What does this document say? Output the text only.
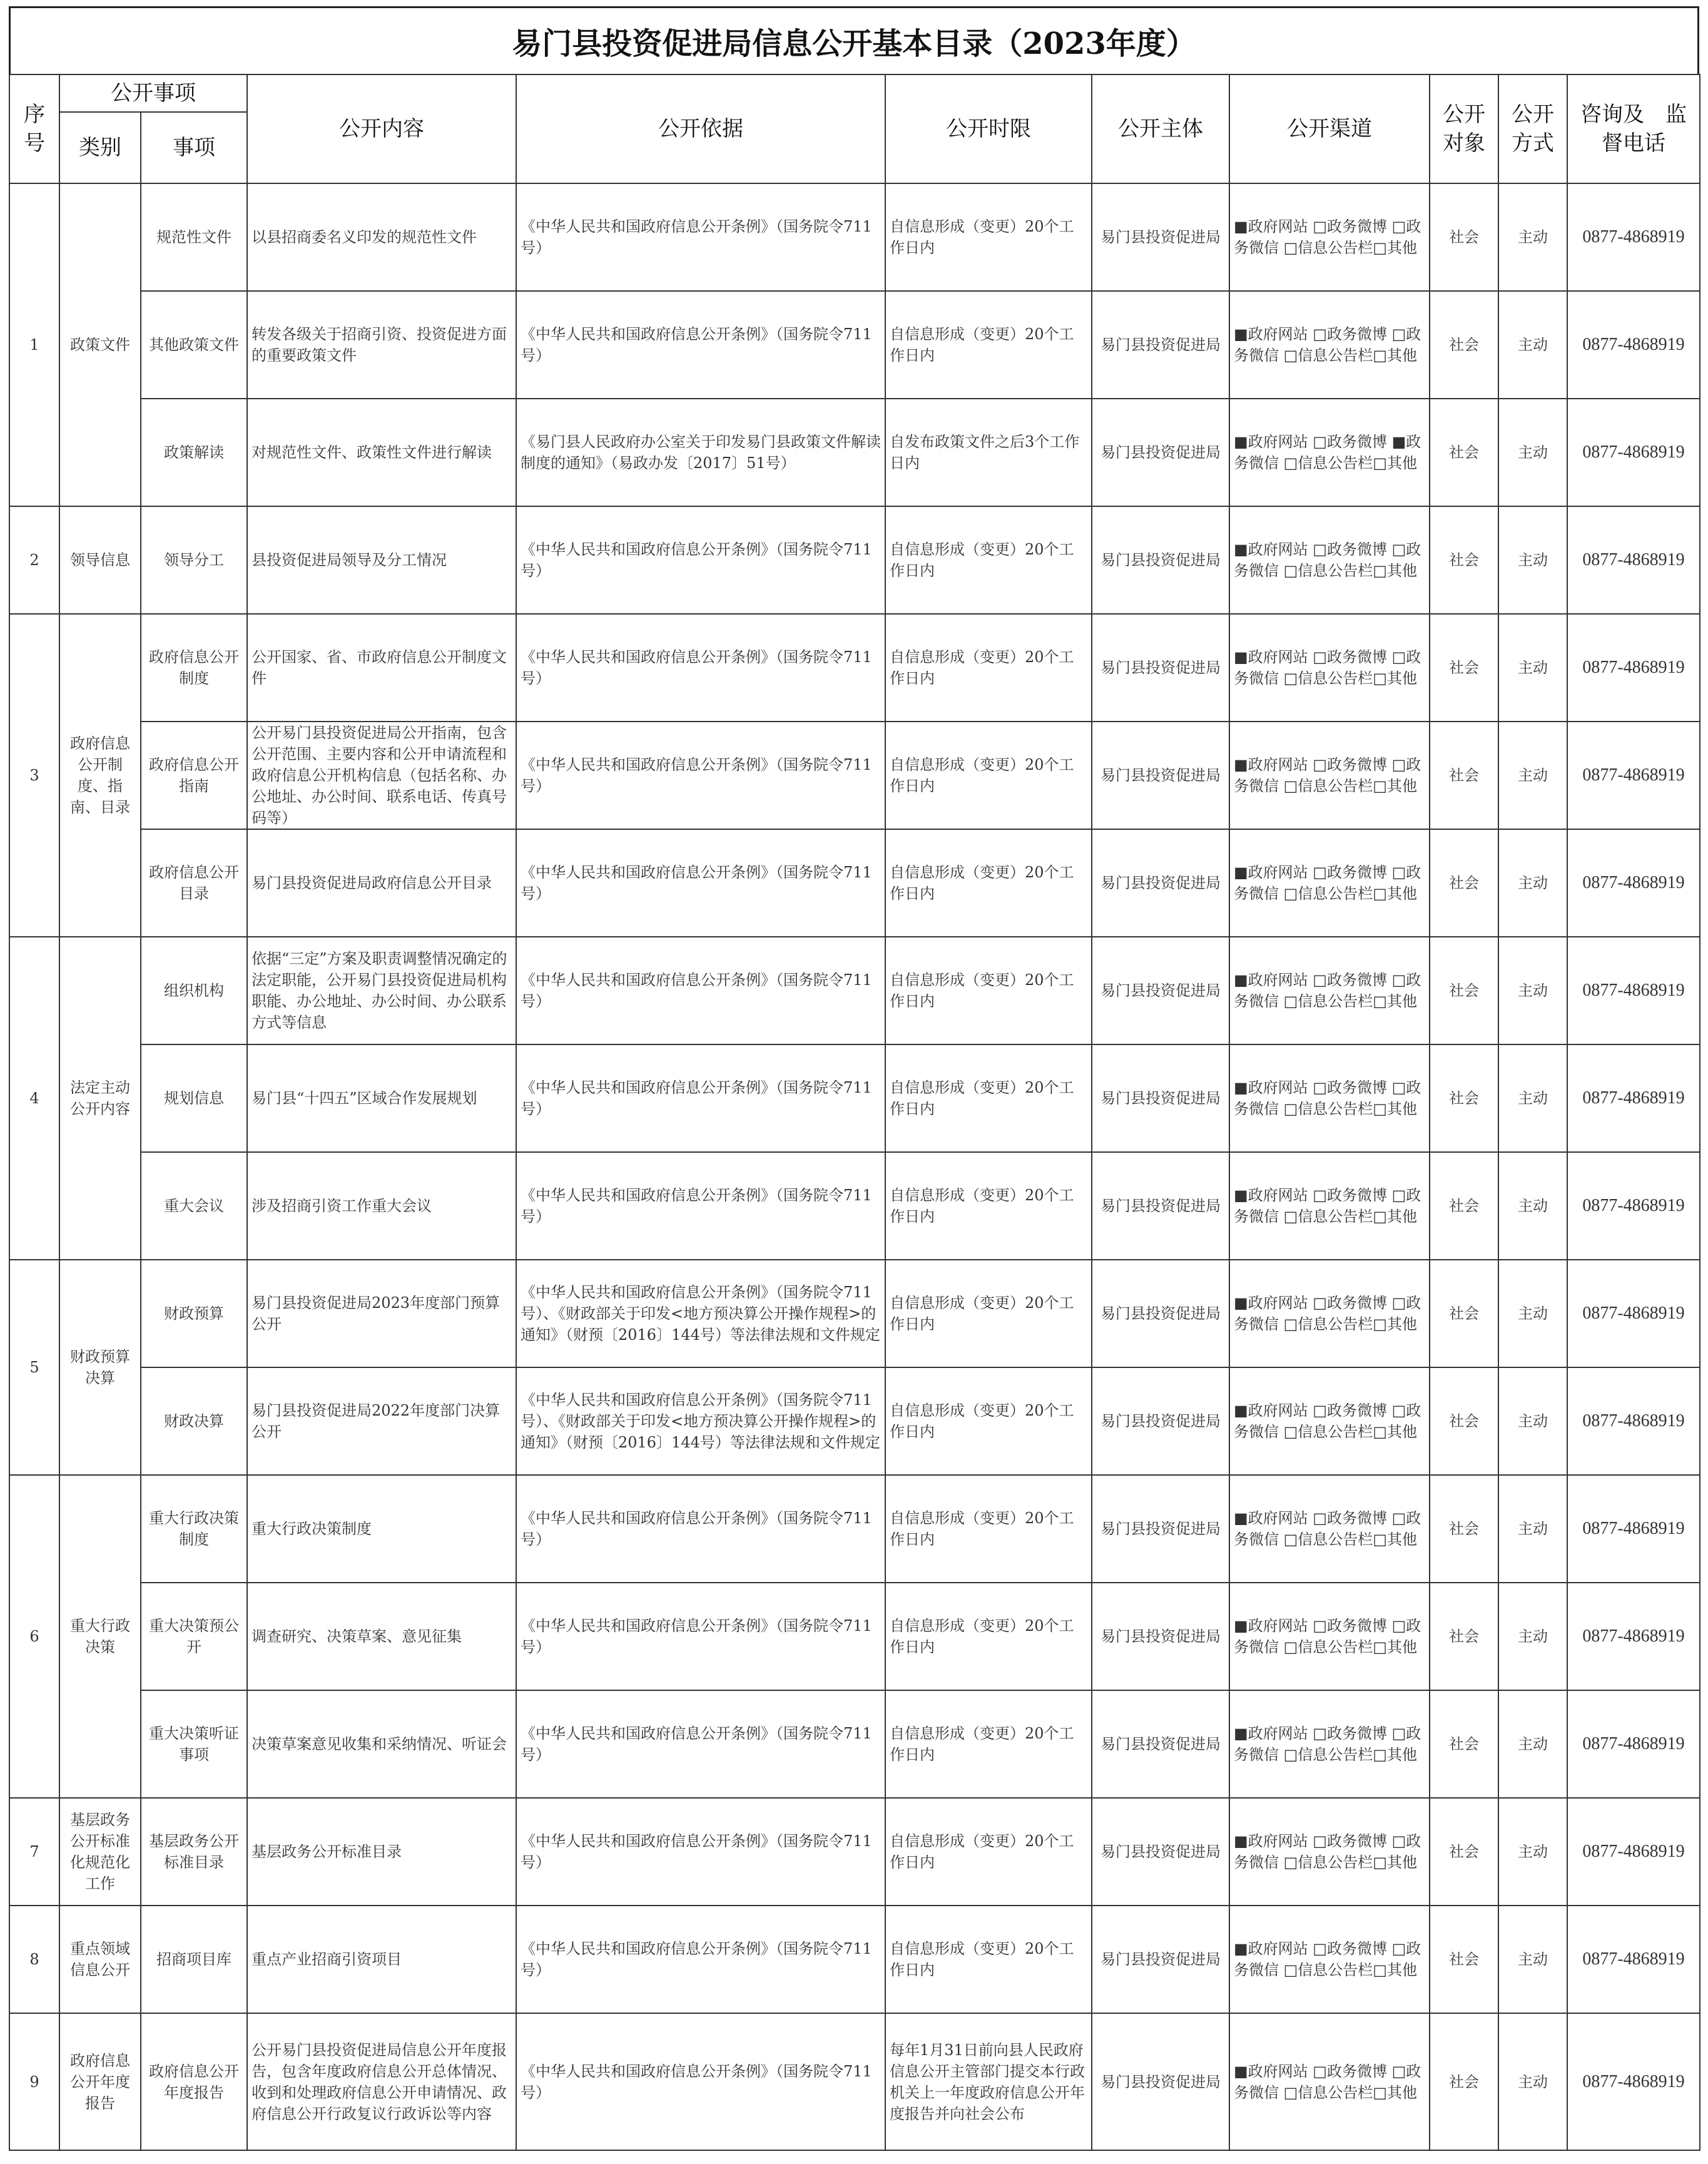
易门县投资促进局信息公开基本目录（2023年度）
序号	公开事项		公开内容	公开依据	公开时限	公开主体	公开渠道	公开对象	公开方式	咨询及　监督电话
	类别	事项								
1	政策文件	规范性文件	以县招商委名义印发的规范性文件	《中华人民共和国政府信息公开条例》（国务院令711号）	自信息形成（变更）20个工作日内	易门县投资促进局	■政府网站 □政务微博 □政
务微信 □信息公告栏□其他	社会	主动	0877-4868919
		其他政策文件	转发各级关于招商引资、投资促进方面的重要政策文件	《中华人民共和国政府信息公开条例》（国务院令711号）	自信息形成（变更）20个工作日内	易门县投资促进局	■政府网站 □政务微博 □政
务微信 □信息公告栏□其他	社会	主动	0877-4868919
		政策解读	对规范性文件、政策性文件进行解读	《易门县人民政府办公室关于印发易门县政策文件解读制度的通知》（易政办发〔2017〕51号）	自发布政策文件之后3个工作日内	易门县投资促进局	■政府网站 □政务微博 ■政
务微信 □信息公告栏□其他	社会	主动	0877-4868919
2	领导信息	领导分工	县投资促进局领导及分工情况	《中华人民共和国政府信息公开条例》（国务院令711号）	自信息形成（变更）20个工作日内	易门县投资促进局	■政府网站 □政务微博 □政
务微信 □信息公告栏□其他	社会	主动	0877-4868919
3	政府信息公开制度、指南、目录	政府信息公开制度	公开国家、省、市政府信息公开制度文件	《中华人民共和国政府信息公开条例》（国务院令711号）	自信息形成（变更）20个工作日内	易门县投资促进局	■政府网站 □政务微博 □政
务微信 □信息公告栏□其他	社会	主动	0877-4868919
		政府信息公开指南	公开易门县投资促进局公开指南，包含公开范围、主要内容和公开申请流程和政府信息公开机构信息（包括名称、办公地址、办公时间、联系电话、传真号码等）	《中华人民共和国政府信息公开条例》（国务院令711号）	自信息形成（变更）20个工作日内	易门县投资促进局	■政府网站 □政务微博 □政
务微信 □信息公告栏□其他	社会	主动	0877-4868919
		政府信息公开目录	易门县投资促进局政府信息公开目录	《中华人民共和国政府信息公开条例》（国务院令711号）	自信息形成（变更）20个工作日内	易门县投资促进局	■政府网站 □政务微博 □政
务微信 □信息公告栏□其他	社会	主动	0877-4868919
4	法定主动公开内容	组织机构	依据“三定”方案及职责调整情况确定的法定职能，公开易门县投资促进局机构职能、办公地址、办公时间、办公联系方式等信息	《中华人民共和国政府信息公开条例》（国务院令711号）	自信息形成（变更）20个工作日内	易门县投资促进局	■政府网站 □政务微博 □政
务微信 □信息公告栏□其他	社会	主动	0877-4868919
		规划信息	易门县“十四五”区域合作发展规划	《中华人民共和国政府信息公开条例》（国务院令711号）	自信息形成（变更）20个工作日内	易门县投资促进局	■政府网站 □政务微博 □政
务微信 □信息公告栏□其他	社会	主动	0877-4868919
		重大会议	涉及招商引资工作重大会议	《中华人民共和国政府信息公开条例》（国务院令711号）	自信息形成（变更）20个工作日内	易门县投资促进局	■政府网站 □政务微博 □政
务微信 □信息公告栏□其他	社会	主动	0877-4868919
5	财政预算决算	财政预算	易门县投资促进局2023年度部门预算公开	《中华人民共和国政府信息公开条例》（国务院令711号）、《财政部关于印发<地方预决算公开操作规程>的通知》（财预〔2016〕144号）等法律法规和文件规定	自信息形成（变更）20个工作日内	易门县投资促进局	■政府网站 □政务微博 □政
务微信 □信息公告栏□其他	社会	主动	0877-4868919
		财政决算	易门县投资促进局2022年度部门决算公开	《中华人民共和国政府信息公开条例》（国务院令711号）、《财政部关于印发<地方预决算公开操作规程>的通知》（财预〔2016〕144号）等法律法规和文件规定	自信息形成（变更）20个工作日内	易门县投资促进局	■政府网站 □政务微博 □政
务微信 □信息公告栏□其他	社会	主动	0877-4868919
6	重大行政决策	重大行政决策制度	重大行政决策制度	《中华人民共和国政府信息公开条例》（国务院令711号）	自信息形成（变更）20个工作日内	易门县投资促进局	■政府网站 □政务微博 □政
务微信 □信息公告栏□其他	社会	主动	0877-4868919
		重大决策预公开	调查研究、决策草案、意见征集	《中华人民共和国政府信息公开条例》（国务院令711号）	自信息形成（变更）20个工作日内	易门县投资促进局	■政府网站 □政务微博 □政
务微信 □信息公告栏□其他	社会	主动	0877-4868919
		重大决策听证事项	决策草案意见收集和采纳情况、听证会	《中华人民共和国政府信息公开条例》（国务院令711号）	自信息形成（变更）20个工作日内	易门县投资促进局	■政府网站 □政务微博 □政
务微信 □信息公告栏□其他	社会	主动	0877-4868919
7	基层政务公开标准化规范化工作	基层政务公开标准目录	基层政务公开标准目录	《中华人民共和国政府信息公开条例》（国务院令711号）	自信息形成（变更）20个工作日内	易门县投资促进局	■政府网站 □政务微博 □政
务微信 □信息公告栏□其他	社会	主动	0877-4868919
8	重点领域信息公开	招商项目库	重点产业招商引资项目	《中华人民共和国政府信息公开条例》（国务院令711号）	自信息形成（变更）20个工作日内	易门县投资促进局	■政府网站 □政务微博 □政
务微信 □信息公告栏□其他	社会	主动	0877-4868919
9	政府信息公开年度报告	政府信息公开年度报告	公开易门县投资促进局信息公开年度报告，包含年度政府信息公开总体情况、收到和处理政府信息公开申请情况、政府信息公开行政复议行政诉讼等内容	《中华人民共和国政府信息公开条例》（国务院令711号）	每年1月31日前向县人民政府信息公开主管部门提交本行政机关上一年度政府信息公开年度报告并向社会公布	易门县投资促进局	■政府网站 □政务微博 □政
务微信 □信息公告栏□其他	社会	主动	0877-4868919
